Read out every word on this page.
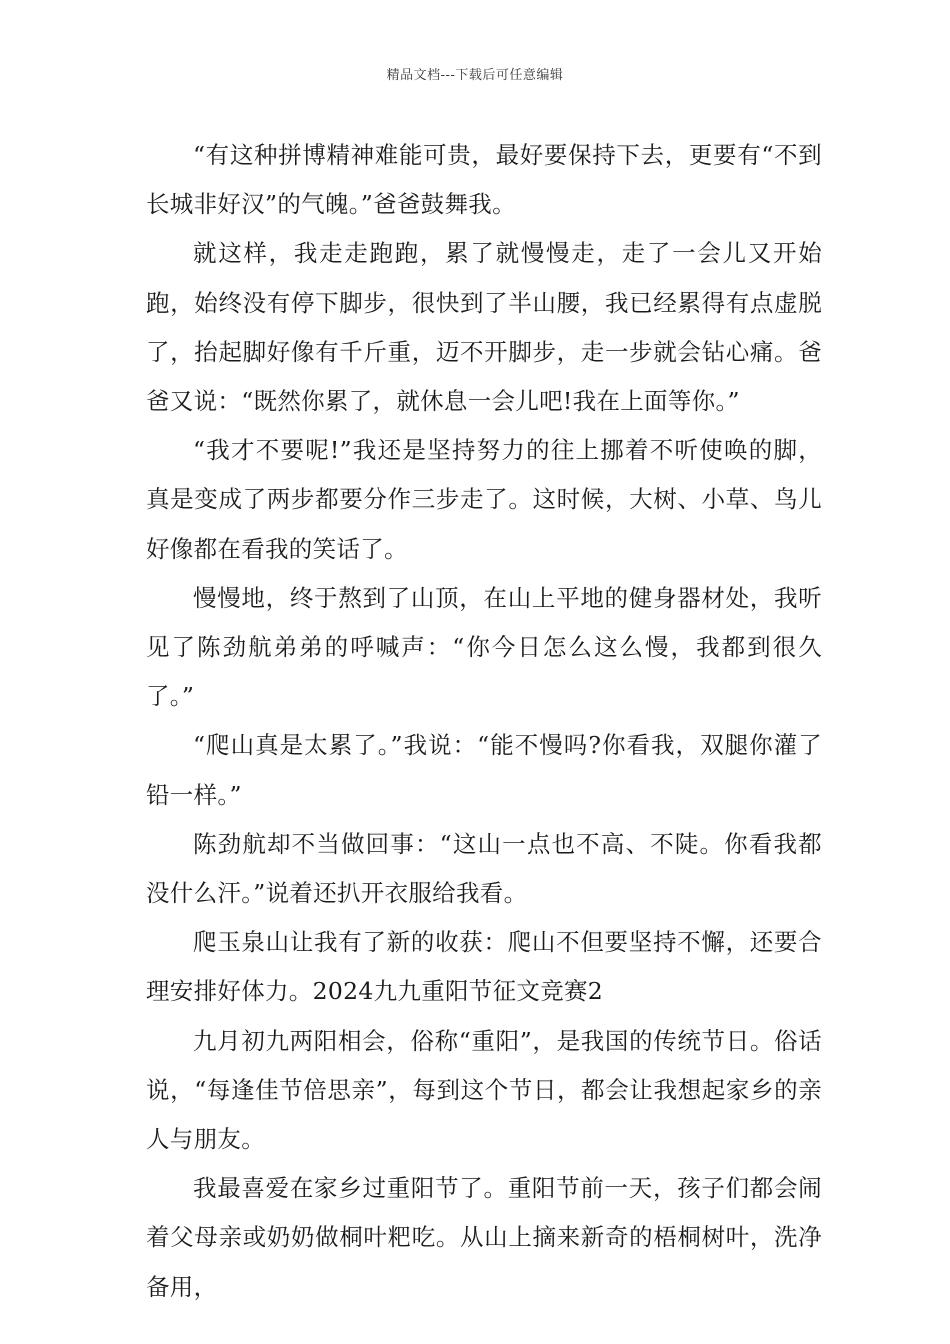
精品文档---下载后可任意编辑

“有这种拼博精神难能可贵，最好要保持下去，更要有“不到长城非好汉”的气魄。”爸爸鼓舞我。

就这样，我走走跑跑，累了就慢慢走，走了一会儿又开始跑，始终没有停下脚步，很快到了半山腰，我已经累得有点虚脱了，抬起脚好像有千斤重，迈不开脚步，走一步就会钻心痛。爸爸又说：“既然你累了，就休息一会儿吧!我在上面等你。”

“我才不要呢!”我还是坚持努力的往上挪着不听使唤的脚，真是变成了两步都要分作三步走了。这时候，大树、小草、鸟儿好像都在看我的笑话了。

慢慢地，终于熬到了山顶，在山上平地的健身器材处，我听见了陈劲航弟弟的呼喊声：“你今日怎么这么慢，我都到很久了。”

“爬山真是太累了。”我说：“能不慢吗?你看我，双腿你灌了铅一样。”

陈劲航却不当做回事：“这山一点也不高、不陡。你看我都没什么汗。”说着还扒开衣服给我看。

爬玉泉山让我有了新的收获：爬山不但要坚持不懈，还要合理安排好体力。2024九九重阳节征文竞赛2

九月初九两阳相会，俗称“重阳”，是我国的传统节日。俗话说，“每逢佳节倍思亲”，每到这个节日，都会让我想起家乡的亲人与朋友。

我最喜爱在家乡过重阳节了。重阳节前一天，孩子们都会闹着父母亲或奶奶做桐叶粑吃。从山上摘来新奇的梧桐树叶，洗净备用，
